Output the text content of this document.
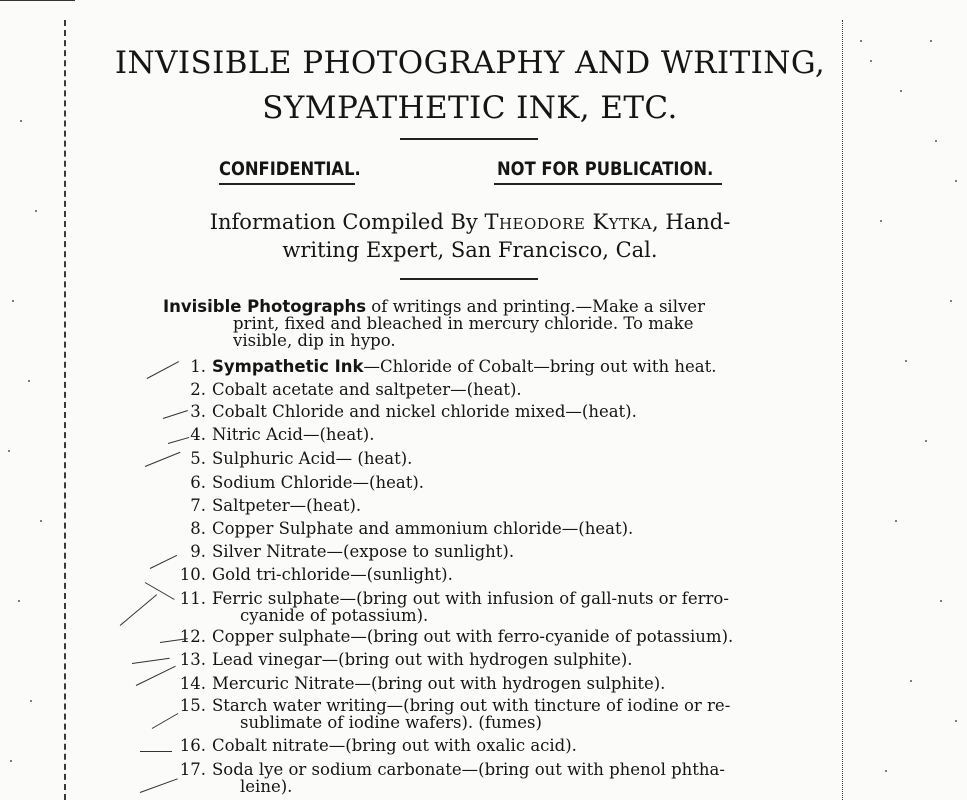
INVISIBLE PHOTOGRAPHY AND WRITING,
SYMPATHETIC INK, ETC.
CONFIDENTIAL.	NOT FOR PUBLICATION.
Information Compiled By Theodore Kytka, Hand-
writing Expert, San Francisco, Cal.
Invisible Photographs of writings and printing.—Make a silver
print, fixed and bleached in mercury chloride. To make
visible, dip in hypo.
1. Sympathetic Ink—Chloride of Cobalt—bring out with heat.
2. Cobalt acetate and saltpeter—(heat).
3. Cobalt Chloride and nickel chloride mixed—(heat).
4. Nitric Acid—(heat).
5. Sulphuric Acid— (heat).
6. Sodium Chloride—(heat).
7. Saltpeter—(heat).
8. Copper Sulphate and ammonium chloride—(heat).
9. Silver Nitrate—(expose to sunlight).
10. Gold tri-chloride—(sunlight).
11. Ferric sulphate—(bring out with infusion of gall-nuts or ferro-
cyanide of potassium).
12. Copper sulphate—(bring out with ferro-cyanide of potassium).
13. Lead vinegar—(bring out with hydrogen sulphite).
14. Mercuric Nitrate—(bring out with hydrogen sulphite).
15. Starch water writing—(bring out with tincture of iodine or re-
sublimate of iodine wafers). (fumes)
16. Cobalt nitrate—(bring out with oxalic acid).
17. Soda lye or sodium carbonate—(bring out with phenol phtha-
leine).
